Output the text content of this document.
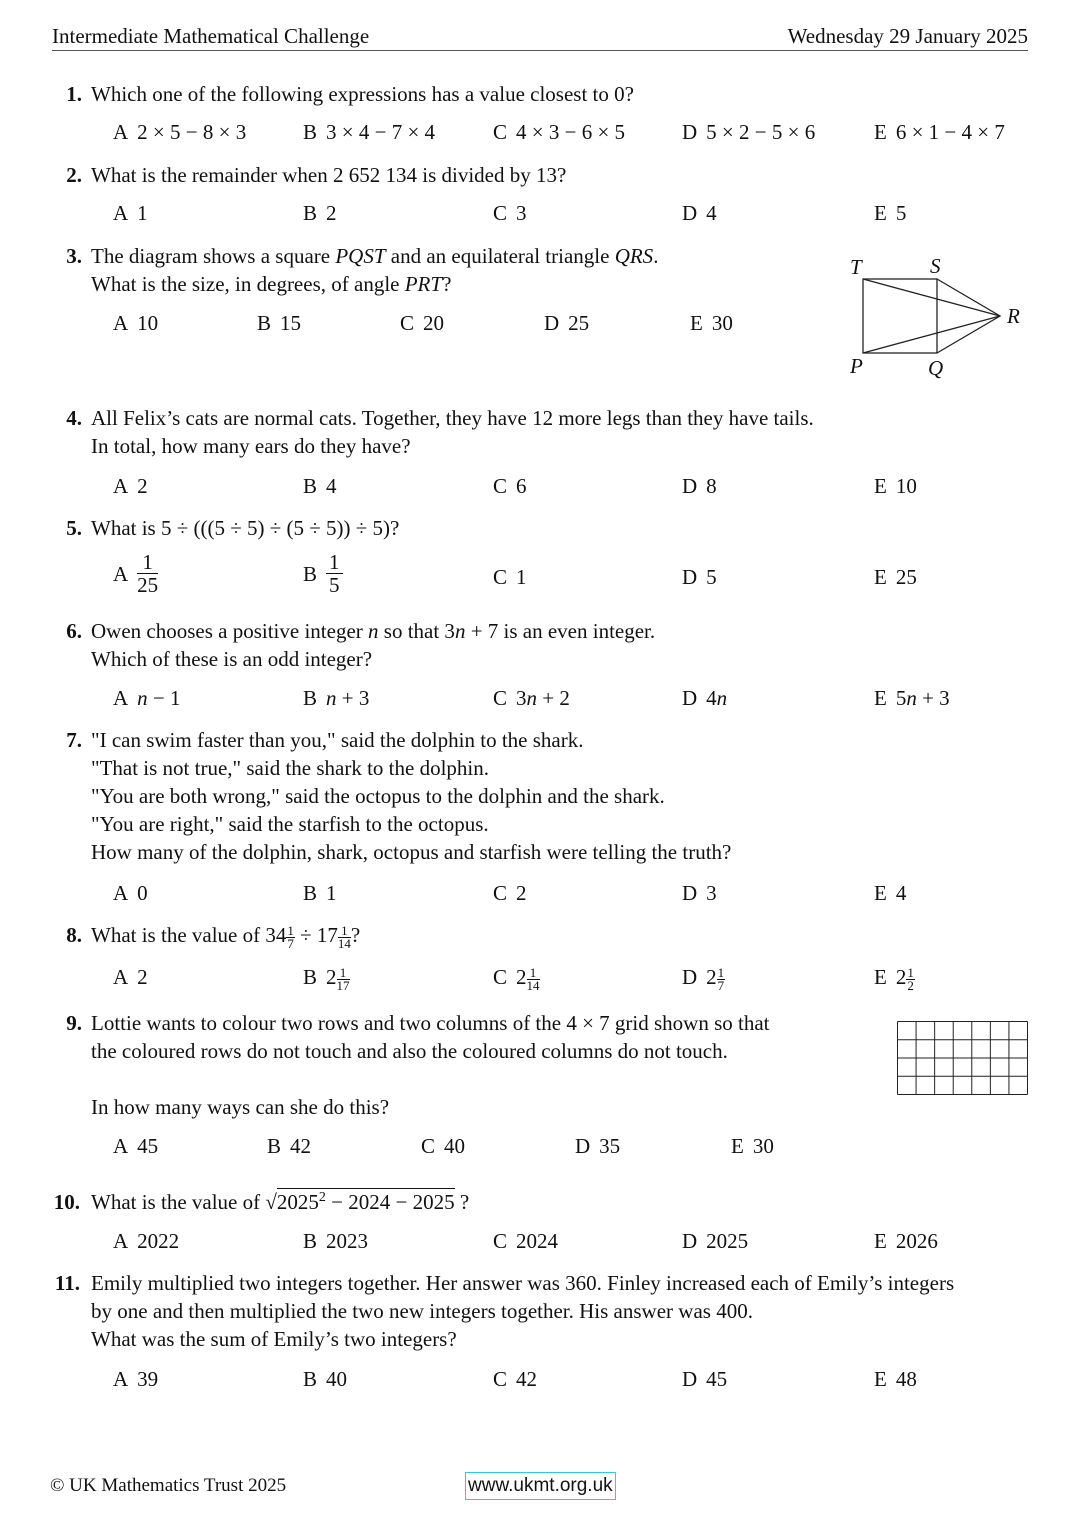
Intermediate Mathematical Challenge	Wednesday 29 January 2025
1. Which one of the following expressions has a value closest to 0?
A 2 × 5 − 8 × 3	B 3 × 4 − 7 × 4	C 4 × 3 − 6 × 5	D 5 × 2 − 5 × 6	E 6 × 1 − 4 × 7
2. What is the remainder when 2 652 134 is divided by 13?
A 1	B 2	C 3	D 4	E 5
3. The diagram shows a square PQST and an equilateral triangle QRS.
What is the size, in degrees, of angle PRT?
A 10	B 15	C 20	D 25	E 30
T	S
R
P	Q
4. All Felix’s cats are normal cats. Together, they have 12 more legs than they have tails.
In total, how many ears do they have?
A 2	B 4	C 6	D 8	E 10
5. What is 5 ÷ (((5 ÷ 5) ÷ (5 ÷ 5)) ÷ 5)?
A $\frac{1}{25}$	B $\frac{1}{5}$	C 1	D 5	E 25
6. Owen chooses a positive integer n so that 3n + 7 is an even integer.
Which of these is an odd integer?
A n − 1	B n + 3	C 3n + 2	D 4n	E 5n + 3
7. "I can swim faster than you," said the dolphin to the shark.
"That is not true," said the shark to the dolphin.
"You are both wrong," said the octopus to the dolphin and the shark.
"You are right," said the starfish to the octopus.
How many of the dolphin, shark, octopus and starfish were telling the truth?
A 0	B 1	C 2	D 3	E 4
8. What is the value of $34 \frac{1}{7} \div 17 \frac{1}{14}$ ?
A 2	B $2 \frac{1}{17}$	C $2 \frac{1}{14}$	D $2 \frac{1}{7}$	E $2 \frac{1}{2}$
9. Lottie wants to colour two rows and two columns of the 4 × 7 grid shown so that
the coloured rows do not touch and also the coloured columns do not touch.
In how many ways can she do this?
A 45	B 42	C 40	D 35	E 30
10. What is the value of $√2025^2 - 2024 - 2025$ ?
A 2022	B 2023	C 2024	D 2025	E 2026
11. Emily multiplied two integers together. Her answer was 360. Finley increased each of Emily’s integers
by one and then multiplied the two new integers together. His answer was 400.
What was the sum of Emily’s two integers?
A 39	B 40	C 42	D 45	E 48
© UK Mathematics Trust 2025	www.ukmt.org.uk
